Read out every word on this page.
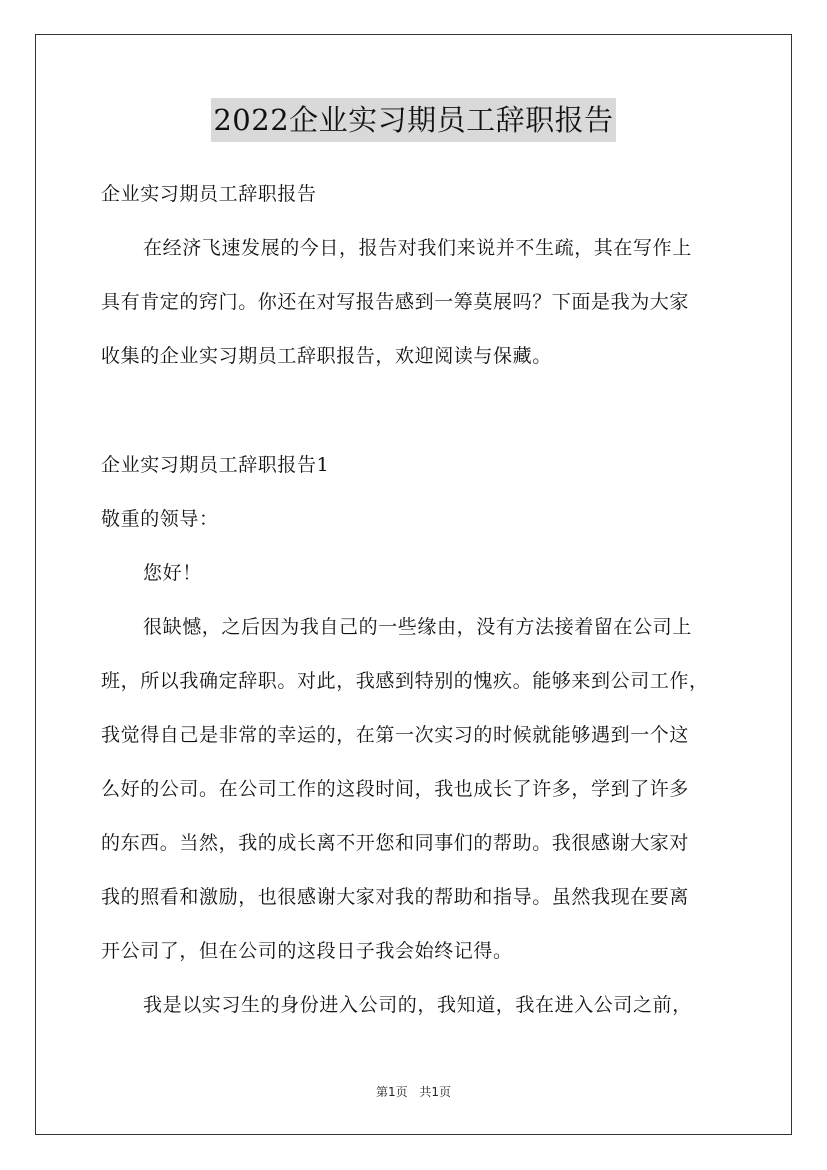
2022企业实习期员工辞职报告
企业实习期员工辞职报告
在经济飞速发展的今日，报告对我们来说并不生疏，其在写作上
具有肯定的窍门。你还在对写报告感到一筹莫展吗？下面是我为大家
收集的企业实习期员工辞职报告，欢迎阅读与保藏。
企业实习期员工辞职报告1
敬重的领导：
您好！
很缺憾，之后因为我自己的一些缘由，没有方法接着留在公司上
班，所以我确定辞职。对此，我感到特别的愧疚。能够来到公司工作，
我觉得自己是非常的幸运的，在第一次实习的时候就能够遇到一个这
么好的公司。在公司工作的这段时间，我也成长了许多，学到了许多
的东西。当然，我的成长离不开您和同事们的帮助。我很感谢大家对
我的照看和激励，也很感谢大家对我的帮助和指导。虽然我现在要离
开公司了，但在公司的这段日子我会始终记得。
我是以实习生的身份进入公司的，我知道，我在进入公司之前，
第1页 共1页
